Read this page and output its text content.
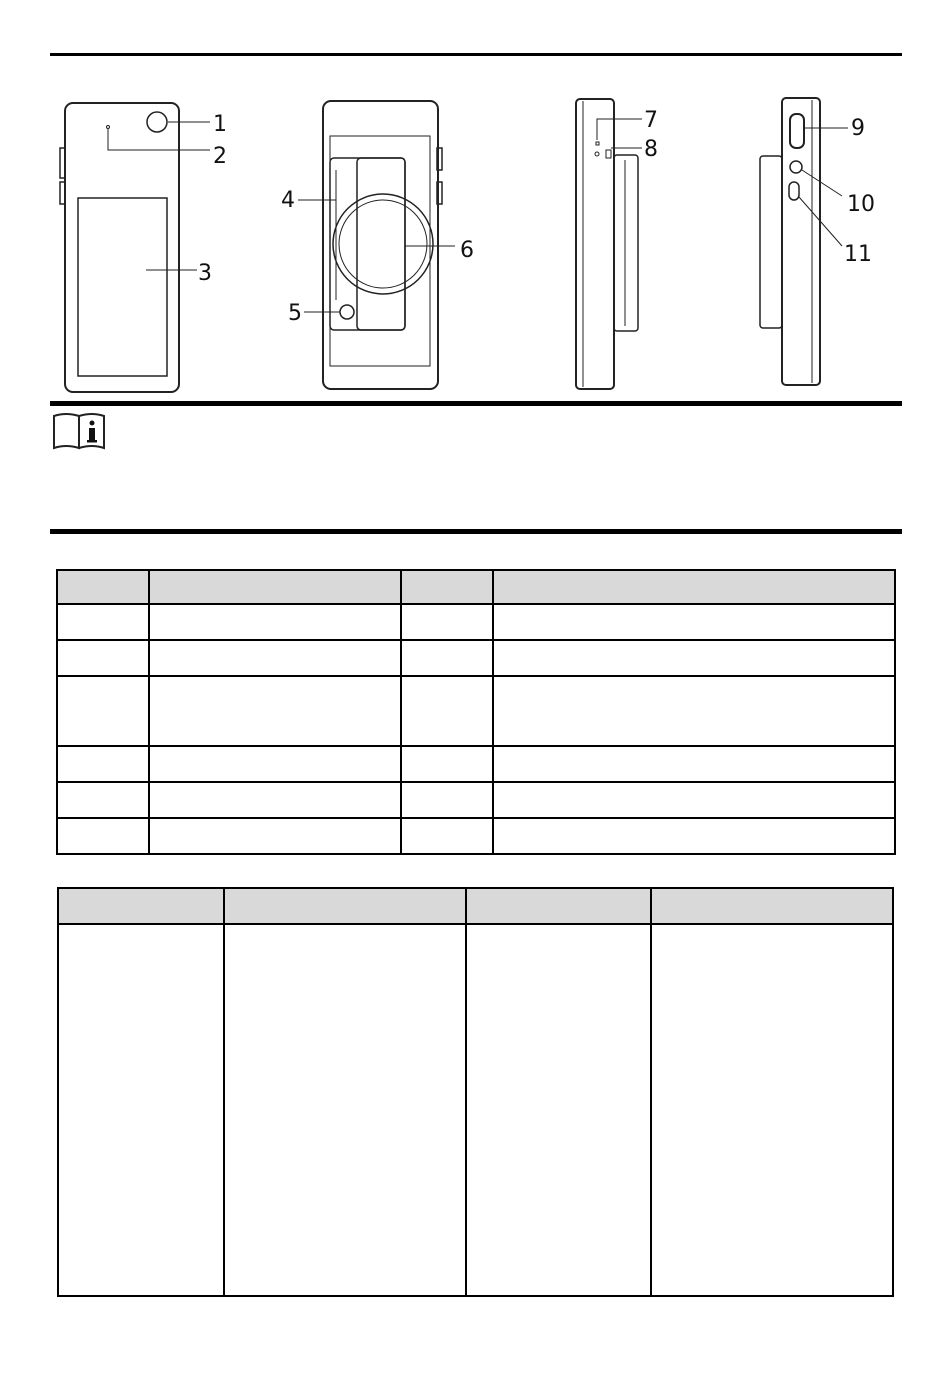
1
2
3
4
5
6
7
8
9
10
11
